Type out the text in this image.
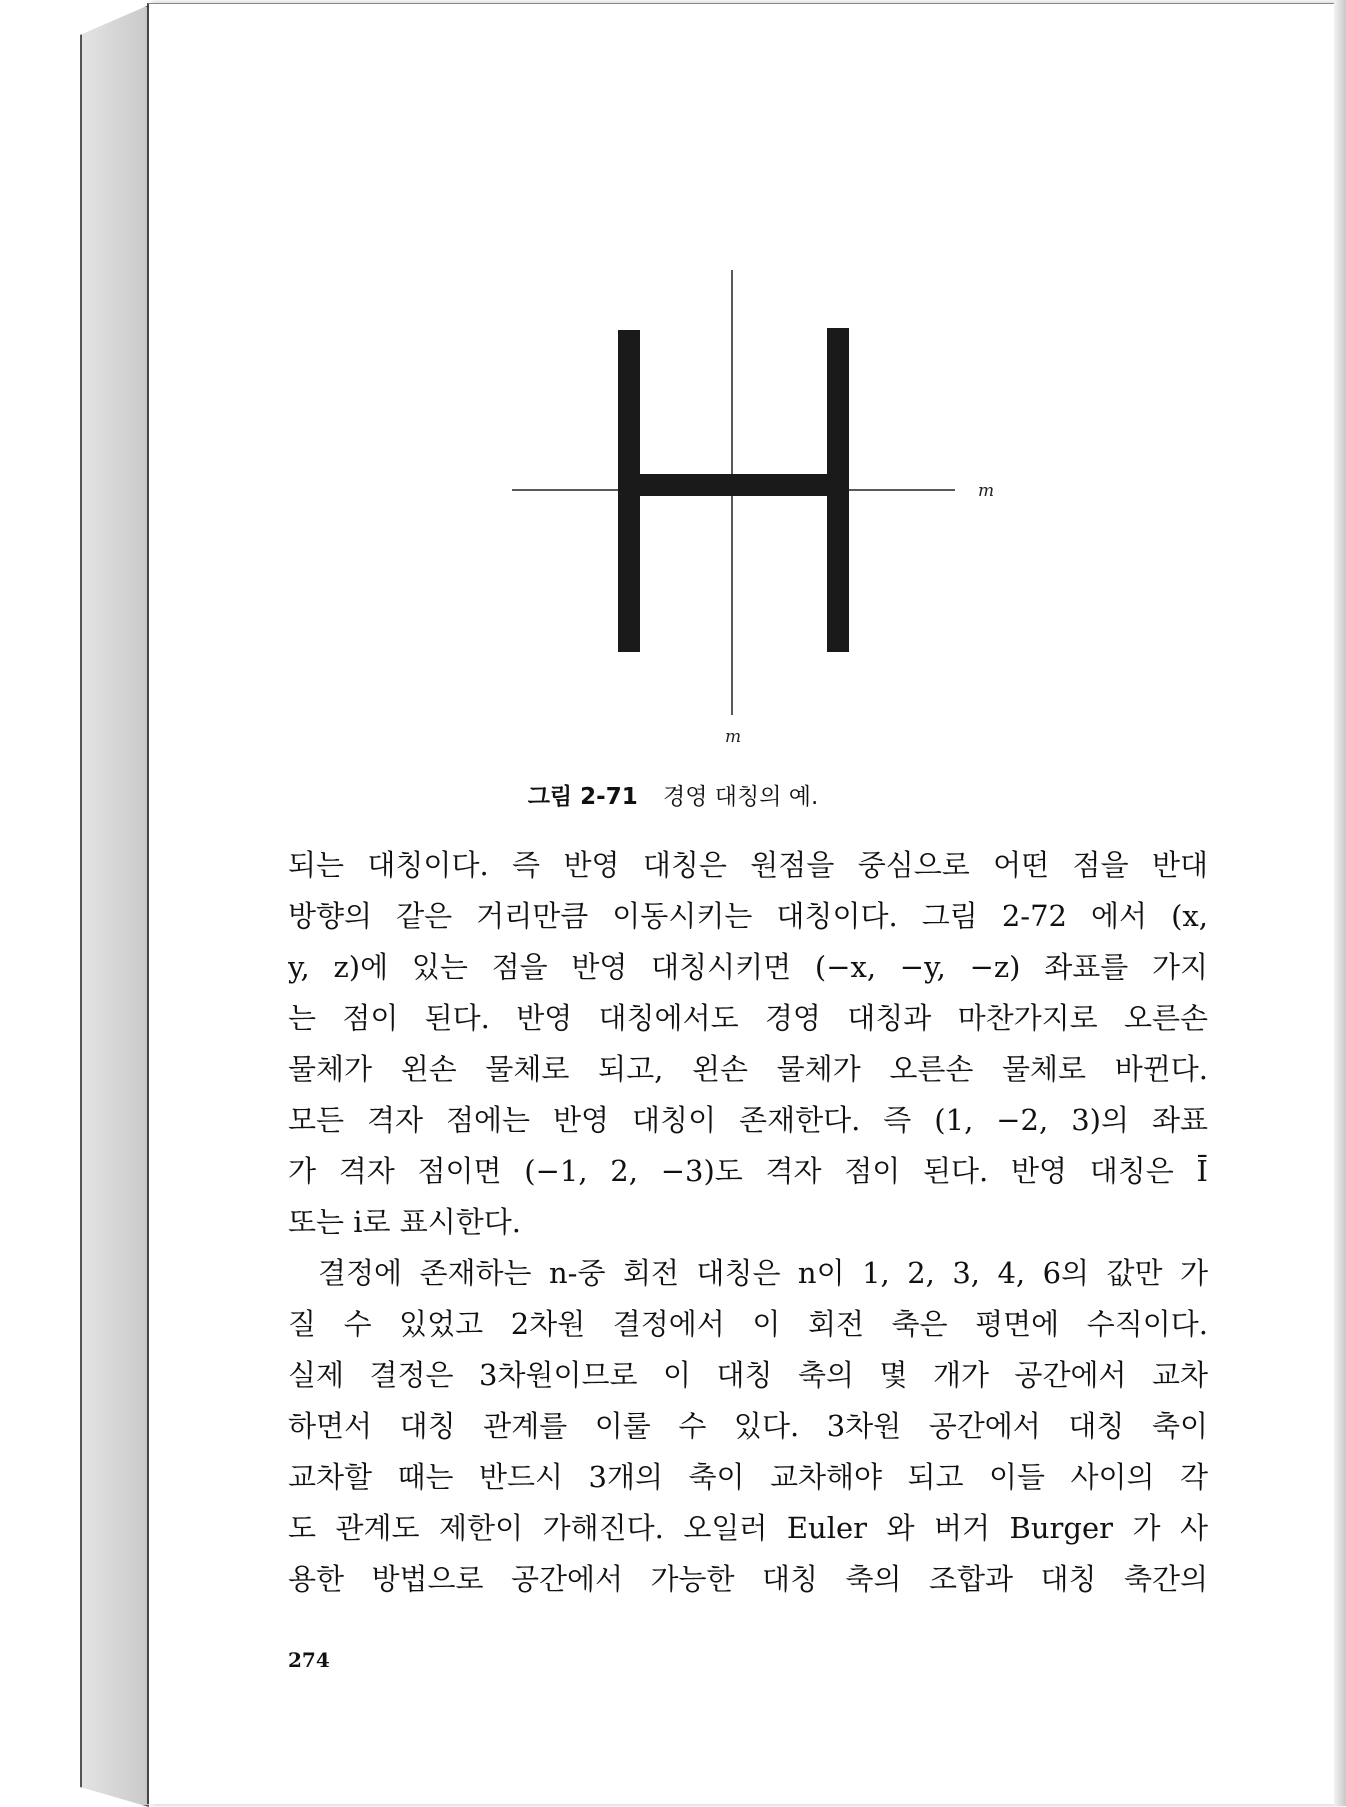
m
m
그림 2-71 경영 대칭의 예.
되는 대칭이다. 즉 반영 대칭은 원점을 중심으로 어떤 점을 반대
방향의 같은 거리만큼 이동시키는 대칭이다. 그림 2-72 에서 (x,
y, z)에 있는 점을 반영 대칭시키면 (−x, −y, −z) 좌표를 가지
는 점이 된다. 반영 대칭에서도 경영 대칭과 마찬가지로 오른손
물체가 왼손 물체로 되고, 왼손 물체가 오른손 물체로 바뀐다.
모든 격자 점에는 반영 대칭이 존재한다. 즉 (1, −2, 3)의 좌표
가 격자 점이면 (−1, 2, −3)도 격자 점이 된다. 반영 대칭은 Ī
또는 i로 표시한다.
결정에 존재하는 n-중 회전 대칭은 n이 1, 2, 3, 4, 6의 값만 가
질 수 있었고 2차원 결정에서 이 회전 축은 평면에 수직이다.
실제 결정은 3차원이므로 이 대칭 축의 몇 개가 공간에서 교차
하면서 대칭 관계를 이룰 수 있다. 3차원 공간에서 대칭 축이
교차할 때는 반드시 3개의 축이 교차해야 되고 이들 사이의 각
도 관계도 제한이 가해진다. 오일러 Euler 와 버거 Burger 가 사
용한 방법으로 공간에서 가능한 대칭 축의 조합과 대칭 축간의
274
